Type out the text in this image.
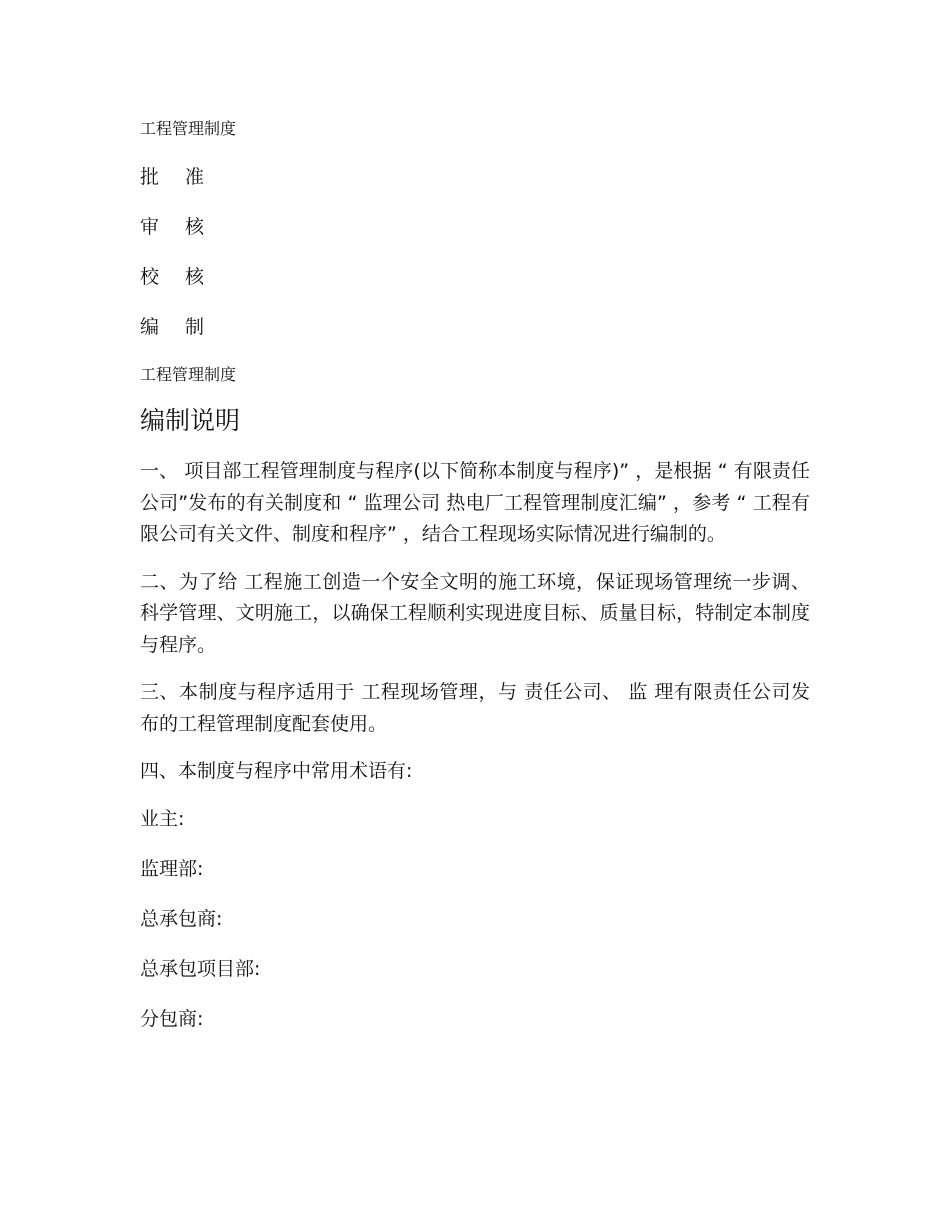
工程管理制度
批 准
审 核
校 核
编 制
工程管理制度
编制说明
一、 项目部工程管理制度与程序(以下简称本制度与程序)” ，是根据 “ 有限责任公司”发布的有关制度和 “ 监理公司 热电厂工程管理制度汇编” ，参考 “ 工程有限公司有关文件、制度和程序” ，结合工程现场实际情况进行编制的。
二、为了给 工程施工创造一个安全文明的施工环境，保证现场管理统一步调、科学管理、文明施工，以确保工程顺利实现进度目标、质量目标，特制定本制度与程序。
三、本制度与程序适用于 工程现场管理，与 责任公司、 监 理有限责任公司发布的工程管理制度配套使用。
四、本制度与程序中常用术语有:
业主:
监理部:
总承包商:
总承包项目部:
分包商:
